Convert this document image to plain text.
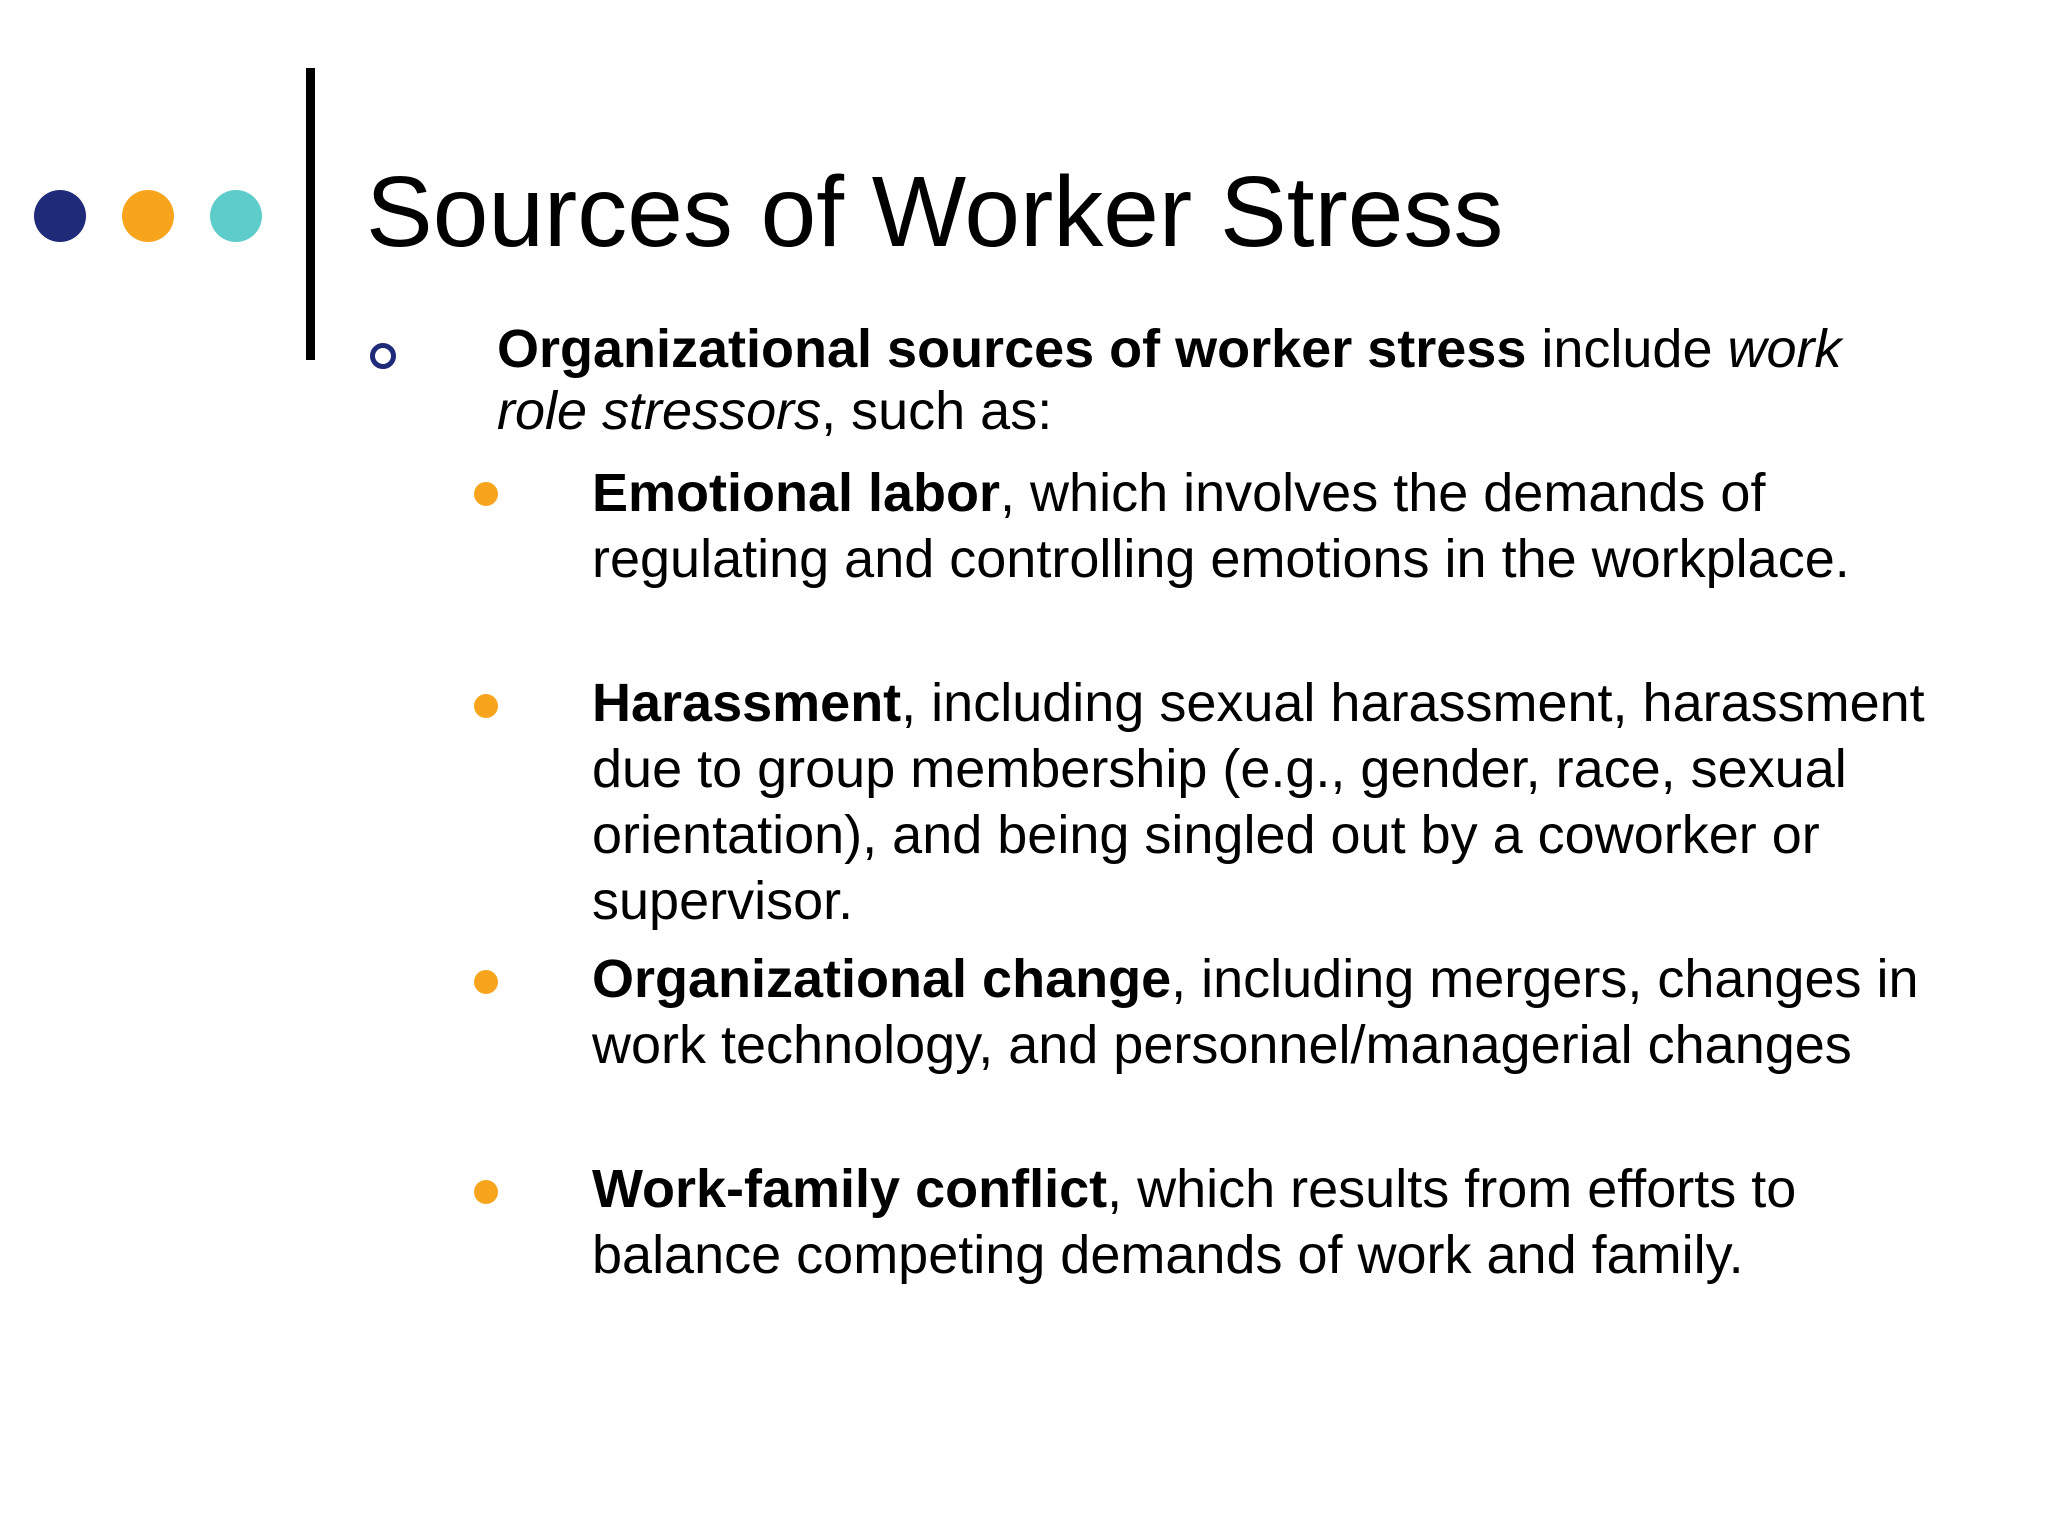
Sources of Worker Stress
Organizational sources of worker stress include work role stressors, such as:
Emotional labor, which involves the demands of regulating and controlling emotions in the workplace.
Harassment, including sexual harassment, harassment due to group membership (e.g., gender, race, sexual orientation), and being singled out by a coworker or supervisor.
Organizational change, including mergers, changes in work technology, and personnel/managerial changes
Work-family conflict, which results from efforts to balance competing demands of work and family.
